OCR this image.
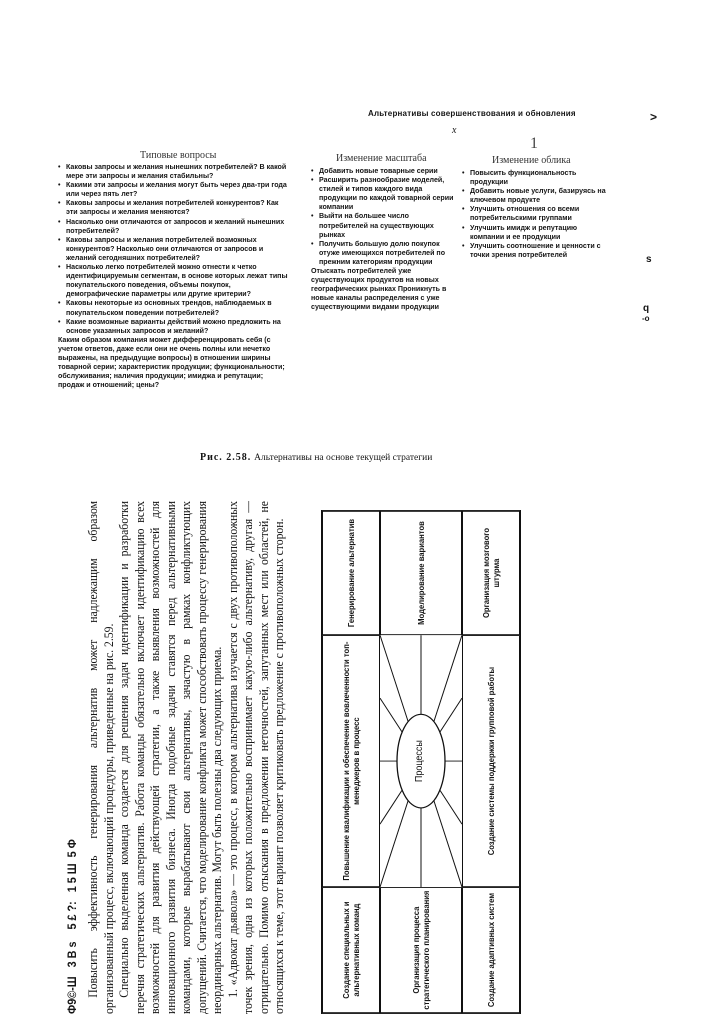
Альтернативы совершенствования и обновления
x
1
>
s
q
-o
Типовые вопросы
• Каковы запросы и желания нынешних потребителей? В какой мере эти запросы и желания стабильны?
• Какими эти запросы и желания могут быть через два-три года или через пять лет?
• Каковы запросы и желания потребителей конкурентов? Как эти запросы и желания меняются?
• Насколько они отличаются от запросов и желаний нынешних потребителей?
• Каковы запросы и желания потребителей возможных конкурентов? Насколько они отличаются от запросов и желаний сегодняшних потребителей?
• Насколько легко потребителей можно отнести к четко идентифицируемым сегментам, в основе которых лежат типы покупательского поведения, объемы покупок, демографические параметры или другие критерии?
• Каковы некоторые из основных трендов, наблюдаемых в покупательском поведении потребителей?
• Какие возможные варианты действий можно предложить на основе указанных запросов и желаний?
Каким образом компания может дифференцировать себя (с учетом ответов, даже если они не очень полны или нечетко выражены, на предыдущие вопросы) в отношении ширины товарной серии; характеристик продукции; функциональности; обслуживания; наличия продукции; имиджа и репутации; продаж и отношений; цены?
Изменение масштаба
• Добавить новые товарные серии
• Расширить разнообразие моделей, стилей и типов каждого вида продукции по каждой товарной серии компании
• Выйти на большее число потребителей на существующих рынках
• Получить большую долю покупок отуже имеющихся потребителей по прежним категориям продукции
Отыскать потребителей уже существующих продуктов на новых географических рынках Проникнуть в новые каналы распределения с уже существующими видами продукции
Изменение облика
• Повысить функциональность продукции
• Добавить новые услуги, базируясь на ключевом продукте
• Улучшить отношения со всеми потребительскими группами
• Улучшить имидж и репутацию компании и ее продукции
• Улучшить соотношение и ценности с точки зрения потребителей
Рис. 2.58. Альтернативы на основе текущей стратегии
Ф9©-Ш   3 B s    5 £ ?:   1 5 Ш  5 Ф Повысить эффективность генерирования альтернатив может надлежащим образом организованный процесс, включающий процедуры, приведенные на рис. 2.59. Специально выделенная команда создается для решения задач идентификации и разработки перечня стратегических альтернатив. Работа команды обязательно включает идентификацию всех возможностей для развития действующей стратегии, а также выявления возможностей для инновационного развития бизнеса. Иногда подобные задачи ставятся перед альтернативными командами, которые вырабатывают свои альтернативы, зачастую в рамках конфликтующих допущений. Считается, что моделирование конфликта может способствовать процессу генерирования неординарных альтернатив. Могут быть полезны два следующих приема. 1. «Адвокат дьявола» — это процесс, в котором альтернатива изучается с двух противоположных точек зрения, одна из которых положительно воспринимает какую-либо альтернативу, другая — отрицательно. Помимо отыскания в предложении неточностей, запутанных мест или областей, не относящихся к теме, этот вариант позволяет критиковать предложение с противоположных сторон.	Создание специальных и альтернативных команд
Повышение квалификации и обеспечение вовлеченности топ-менеджеров в процесс
Генерирование альтернатив
Организация процесса стратегического планирования
Моделирование вариантов
Создание адаптивных систем
Создание системы поддержки групповой работы
Организация мозгового штурма
Процессы
